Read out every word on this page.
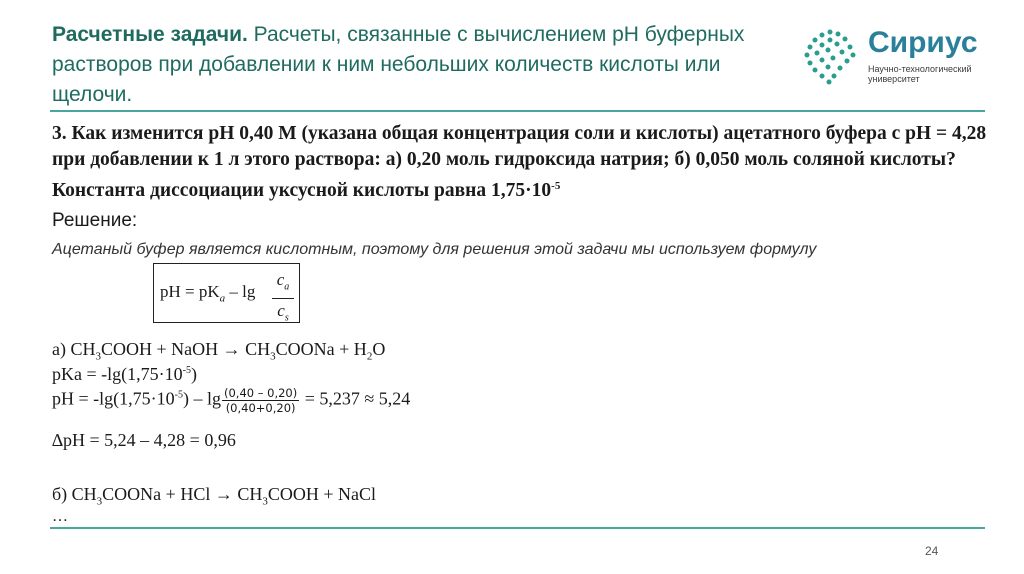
Расчетные задачи. Расчеты, связанные с вычислением pH буферных растворов при добавлении к ним небольших количеств кислоты или щелочи.
Сириус
Научно-технологический университет
3. Как изменится pH 0,40 М (указана общая концентрация соли и кислоты) ацетатного буфера с pH = 4,28 при добавлении к 1 л этого раствора: а) 0,20 моль гидроксида натрия; б) 0,050 моль соляной кислоты? Константа диссоциации уксусной кислоты равна $1,75\cdot 10^{-5}$
Решение:
Ацетаный буфер является кислотным, поэтому для решения этой задачи мы используем формулу
pH = $pK_a$ – lg
$c_a$
$c_s$
а) $CH_3COOH$ + NaOH → $CH_3COONa + H_2O$
pKa = $-\lg(1,75\cdot 10^{-5})$
pH = $-\lg(1,75\cdot 10^{-5}) - \lg \frac{(0,40 - 0,20)}{(0,40+0,20)} = 5,237 \approx 5,24$
∆pH = 5,24 – 4,28 = 0,96
б) $CH_3COONa$ + HCl → $CH_3COOH$ + NaCl
…
24
